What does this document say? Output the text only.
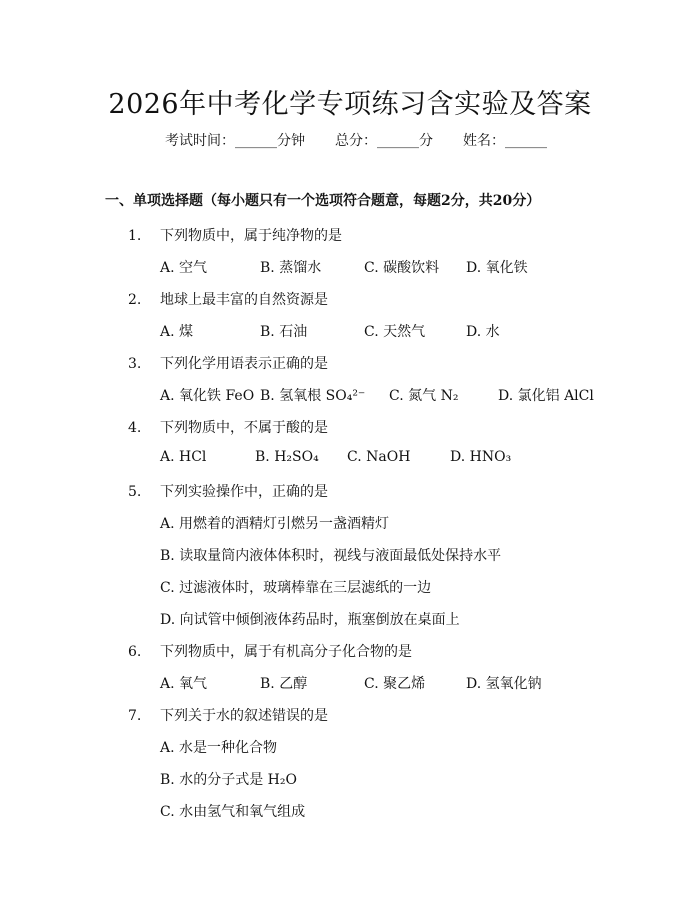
2026年中考化学专项练习含实验及答案
考试时间：______分钟 总分：______分 姓名：______
一、单项选择题（每小题只有一个选项符合题意，每题2分，共20分）
1. 下列物质中，属于纯净物的是
A. 空气	B. 蒸馏水	C. 碳酸饮料 D. 氧化铁
2. 地球上最丰富的自然资源是
A. 煤	B. 石油	C. 天然气	D. 水
3. 下列化学用语表示正确的是
A. 氧化铁 FeO B. 氢氧根 SO₄²⁻ C. 氮气 N₂	D. 氯化铝 AlCl
4. 下列物质中，不属于酸的是
A. HCl	B. H₂SO₄ C. NaOH	D. HNO₃
5. 下列实验操作中，正确的是
A. 用燃着的酒精灯引燃另一盏酒精灯
B. 读取量筒内液体体积时，视线与液面最低处保持水平
C. 过滤液体时，玻璃棒靠在三层滤纸的一边
D. 向试管中倾倒液体药品时，瓶塞倒放在桌面上
6. 下列物质中，属于有机高分子化合物的是
A. 氧气	B. 乙醇	C. 聚乙烯	D. 氢氧化钠
7. 下列关于水的叙述错误的是
A. 水是一种化合物
B. 水的分子式是 H₂O
C. 水由氢气和氧气组成
